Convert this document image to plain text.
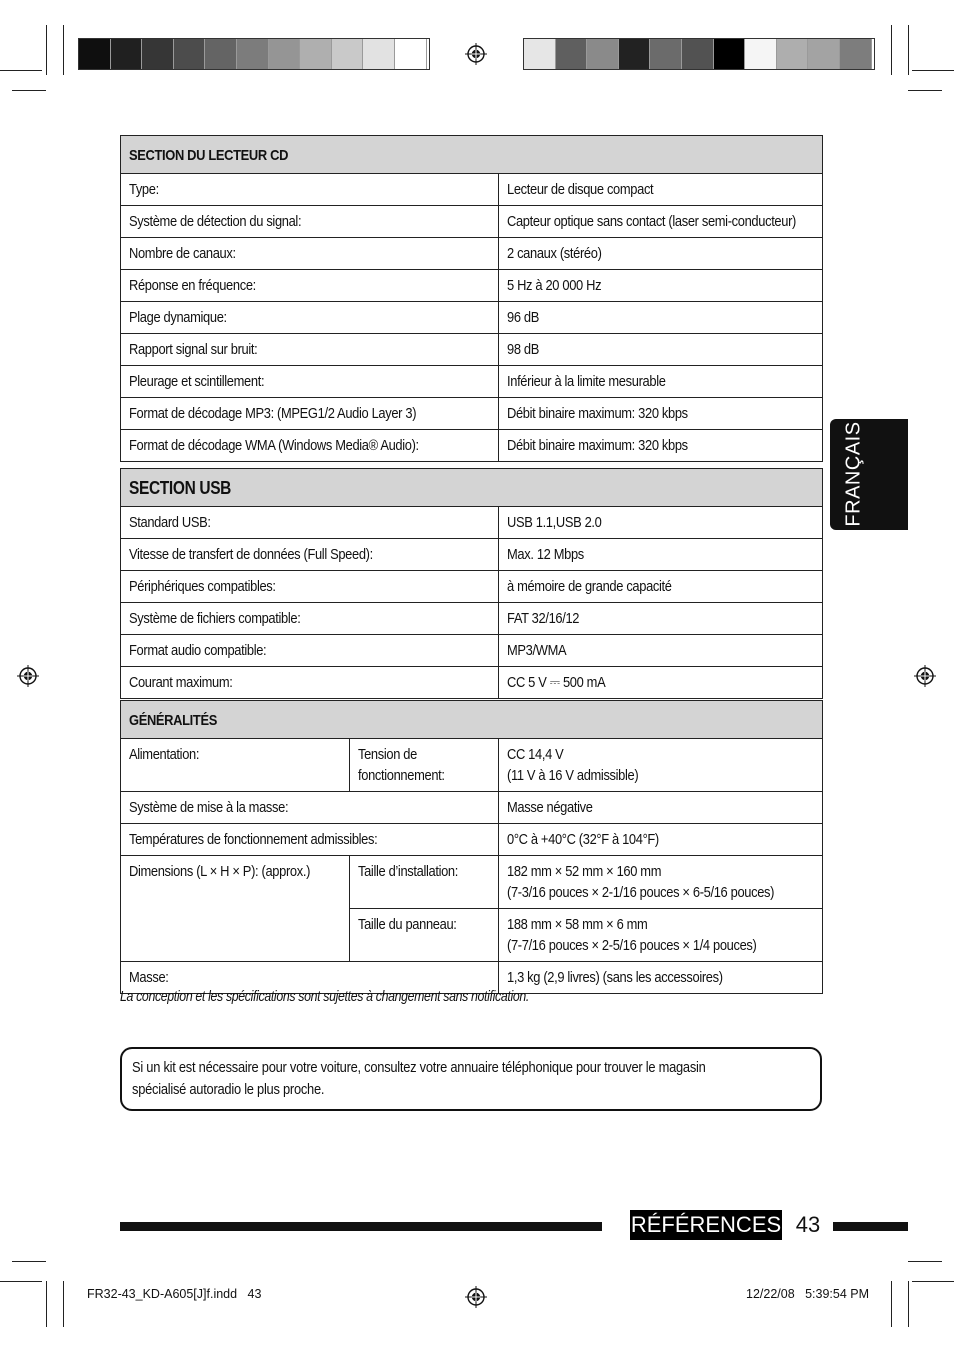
SECTION DU LECTEUR CD	
Type:	Lecteur de disque compact

Système de détection du signal:	Capteur optique sans contact (laser semi-conducteur)

Nombre de canaux:	2 canaux (stéréo)

Réponse en fréquence:	5 Hz à 20 000 Hz

Plage dynamique:	96 dB

Rapport signal sur bruit:	98 dB

Pleurage et scintillement:	Inférieur à la limite mesurable

Format de décodage MP3: (MPEG1/2 Audio Layer 3)	Débit binaire maximum: 320 kbps

Format de décodage WMA (Windows Media® Audio):	Débit binaire maximum: 320 kbps
SECTION USB	
Standard USB:	USB 1.1,USB 2.0

Vitesse de transfert de données (Full Speed):	Max. 12 Mbps

Périphériques compatibles:	à mémoire de grande capacité

Système de fichiers compatible:	FAT 32/16/12

Format audio compatible:	MP3/WMA

Courant maximum:	CC 5 V ⎓ 500 mA
GÉNÉRALITÉS		
Alimentation:	Tension de fonctionnement:	CC 14,4 V
(11 V à 16 V admissible)
Système de mise à la masse:		Masse négative
Températures de fonctionnement admissibles:		0°C à +40°C (32°F à 104°F)
Dimensions (L × H × P): (approx.)	Taille d’installation:	182 mm × 52 mm × 160 mm
(7-3/16 pouces × 2-1/16 pouces × 6-5/16 pouces)
	Taille du panneau:	188 mm × 58 mm × 6 mm
(7-7/16 pouces × 2-5/16 pouces × 1/4 pouces)
Masse:		1,3 kg (2,9 livres) (sans les accessoires)
La conception et les spécifications sont sujettes à changement sans notification.
Si un kit est nécessaire pour votre voiture, consultez votre annuaire téléphonique pour trouver le magasin
spécialisé autoradio le plus proche.
FRANÇAIS
RÉFÉRENCES 43
FR32-43_KD-A605[J]f.indd   43	12/22/08   5:39:54 PM
